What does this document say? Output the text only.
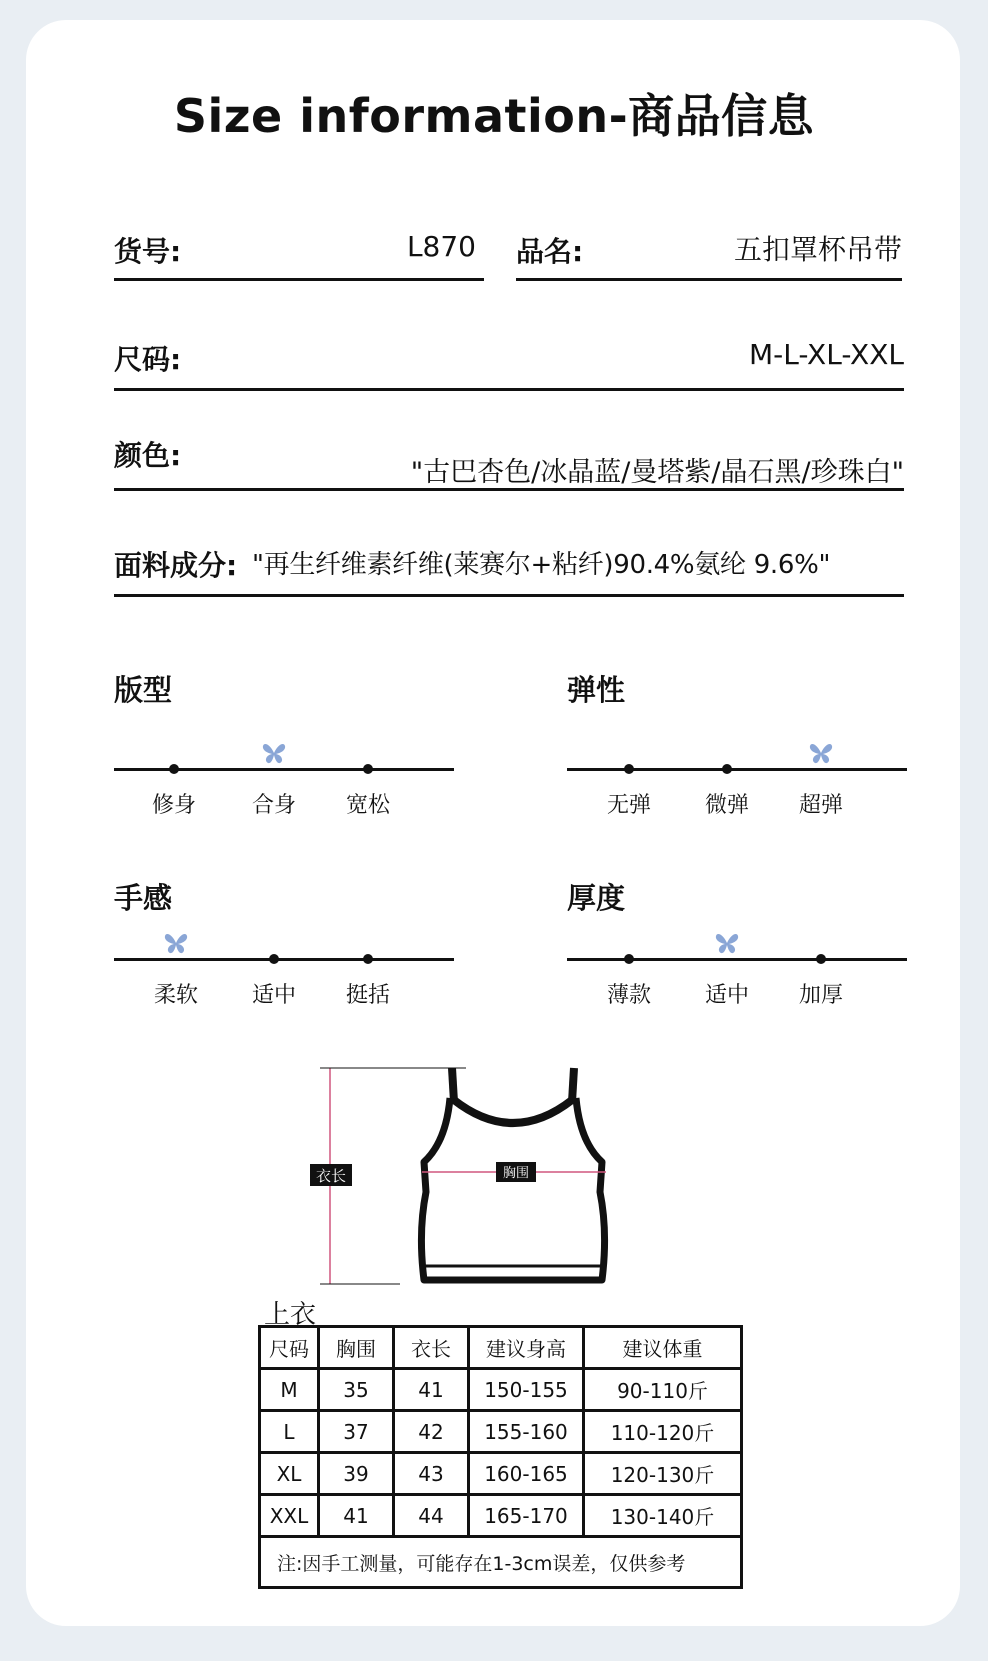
Size information-商品信息
货号:	L870 品名:	五扣罩杯吊带
尺码:	M-L-XL-XXL
颜色:
"古巴杏色/冰晶蓝/曼塔紫/晶石黑/珍珠白"
面料成分: "再生纤维素纤维(莱赛尔+粘纤)90.4%氨纶 9.6%"
版型
修身	合身	宽松
弹性
无弹	微弹	超弹
手感
柔软	适中	挺括
厚度
薄款	适中	加厚
衣长	胸围
上衣
尺码	胸围	衣长	建议身高	建议体重
M	35	41	150-155	90-110斤
L	37	42	155-160	110-120斤
XL	39	43	160-165	120-130斤
XXL	41	44	165-170	130-140斤
注:因手工测量，可能存在1-3cm误差，仅供参考				
